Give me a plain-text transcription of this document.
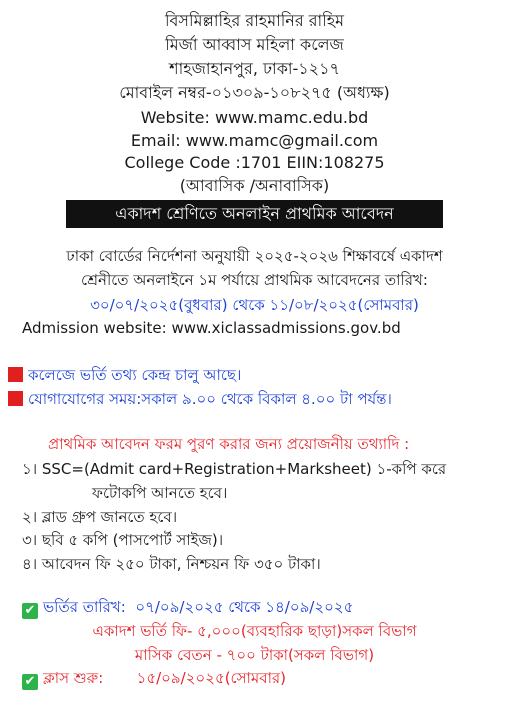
বিসমিল্লাহির রাহমানির রাহিম
মির্জা আব্বাস মহিলা কলেজ
শাহজাহানপুর, ঢাকা-১২১৭
মোবাইল নম্বর-০১৩০৯-১০৮২৭৫ (অধ্যক্ষ)
Website: www.mamc.edu.bd
Email: www.mamc@gmail.com
College Code :1701 EIIN:108275
(আবাসিক /অনাবাসিক)
একাদশ শ্রেণিতে অনলাইন প্রাথমিক আবেদন
ঢাকা বোর্ডের নির্দেশনা অনুযায়ী ২০২৫-২০২৬ শিক্ষাবর্ষে একাদশ
শ্রেনীতে অনলাইনে ১ম পর্যায়ে প্রাথমিক আবেদনের তারিখ:
৩০/০৭/২০২৫(বুধবার) থেকে ১১/০৮/২০২৫(সোমবার)
Admission website: www.xiclassadmissions.gov.bd
কলেজে ভর্তি তথ্য কেন্দ্র চালু আছে।
যোগাযোগের সময়:সকাল ৯.০০ থেকে বিকাল ৪.০০ টা পর্যন্ত।
প্রাথমিক আবেদন ফরম পুরণ করার জন্য প্রয়োজনীয় তথ্যাদি :
১। SSC=(Admit card+Registration+Marksheet) ১-কপি করে
ফটোকপি আনতে হবে।
২। ব্লাড গ্রুপ জানতে হবে।
৩। ছবি ৫ কপি (পাসপোর্ট সাইজ)।
৪। আবেদন ফি ২৫০ টাকা, নিশ্চয়ন ফি ৩৫০ টাকা।
✔ ভর্তির তারিখ: ০৭/০৯/২০২৫ থেকে ১৪/০৯/২০২৫
একাদশ ভর্তি ফি- ৫,০০০(ব্যবহারিক ছাড়া)সকল বিভাগ
মাসিক বেতন - ৭০০ টাকা(সকল বিভাগ)
✔ ক্লাস শুরু: ১৫/০৯/২০২৫(সোমবার)
